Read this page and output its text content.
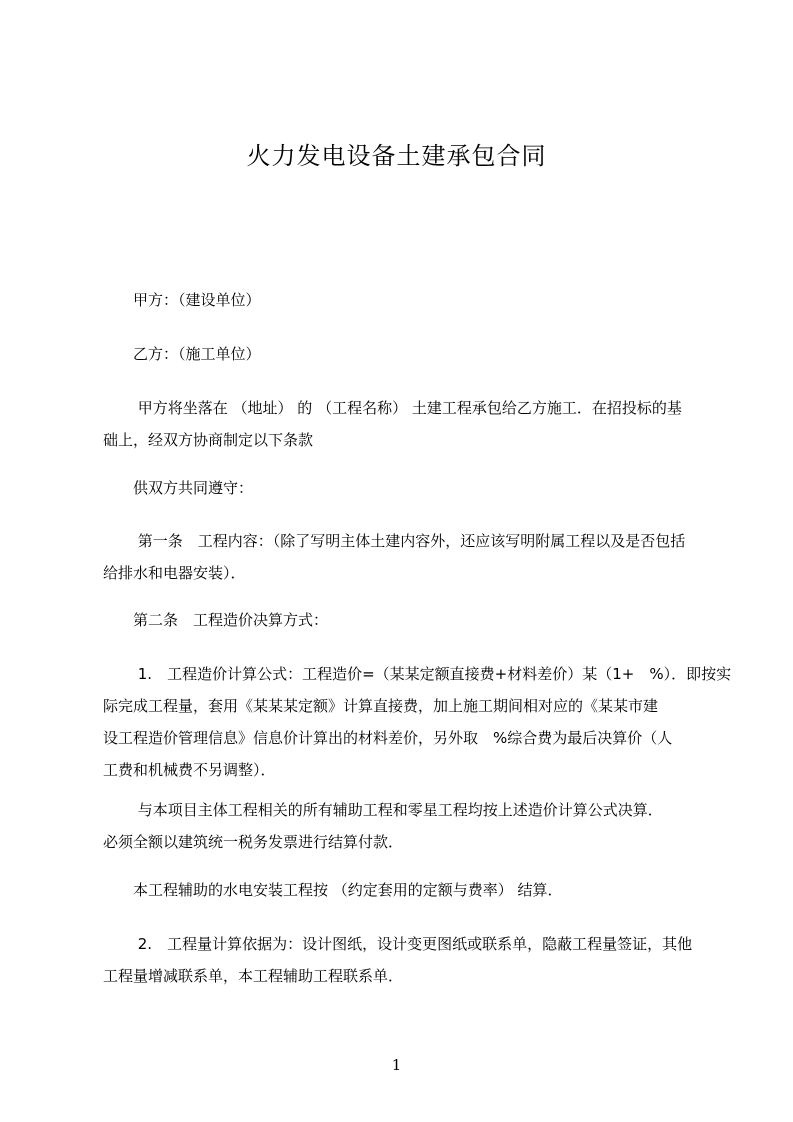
火力发电设备土建承包合同
　　甲方：（建设单位）
　　乙方：（施工单位）
　　 甲方将坐落在 （地址） 的 （工程名称） 土建工程承包给乙方施工．在招投标的基
础上，经双方协商制定以下条款
　　供双方共同遵守：
　　 第一条　工程内容：（除了写明主体土建内容外，还应该写明附属工程以及是否包括
给排水和电器安装）．
　　第二条　工程造价决算方式：
　　 1.　工程造价计算公式：工程造价=（某某定额直接费+材料差价）某（1+　%）．即按实
际完成工程量，套用《某某某定额》计算直接费，加上施工期间相对应的《某某市建
设工程造价管理信息》信息价计算出的材料差价，另外取　%综合费为最后决算价（人
工费和机械费不另调整）．
　　 与本项目主体工程相关的所有辅助工程和零星工程均按上述造价计算公式决算．
必须全额以建筑统一税务发票进行结算付款．
　　本工程辅助的水电安装工程按 （约定套用的定额与费率） 结算．
　　 2.　工程量计算依据为：设计图纸，设计变更图纸或联系单，隐蔽工程量签证，其他
工程量增减联系单，本工程辅助工程联系单．
1
